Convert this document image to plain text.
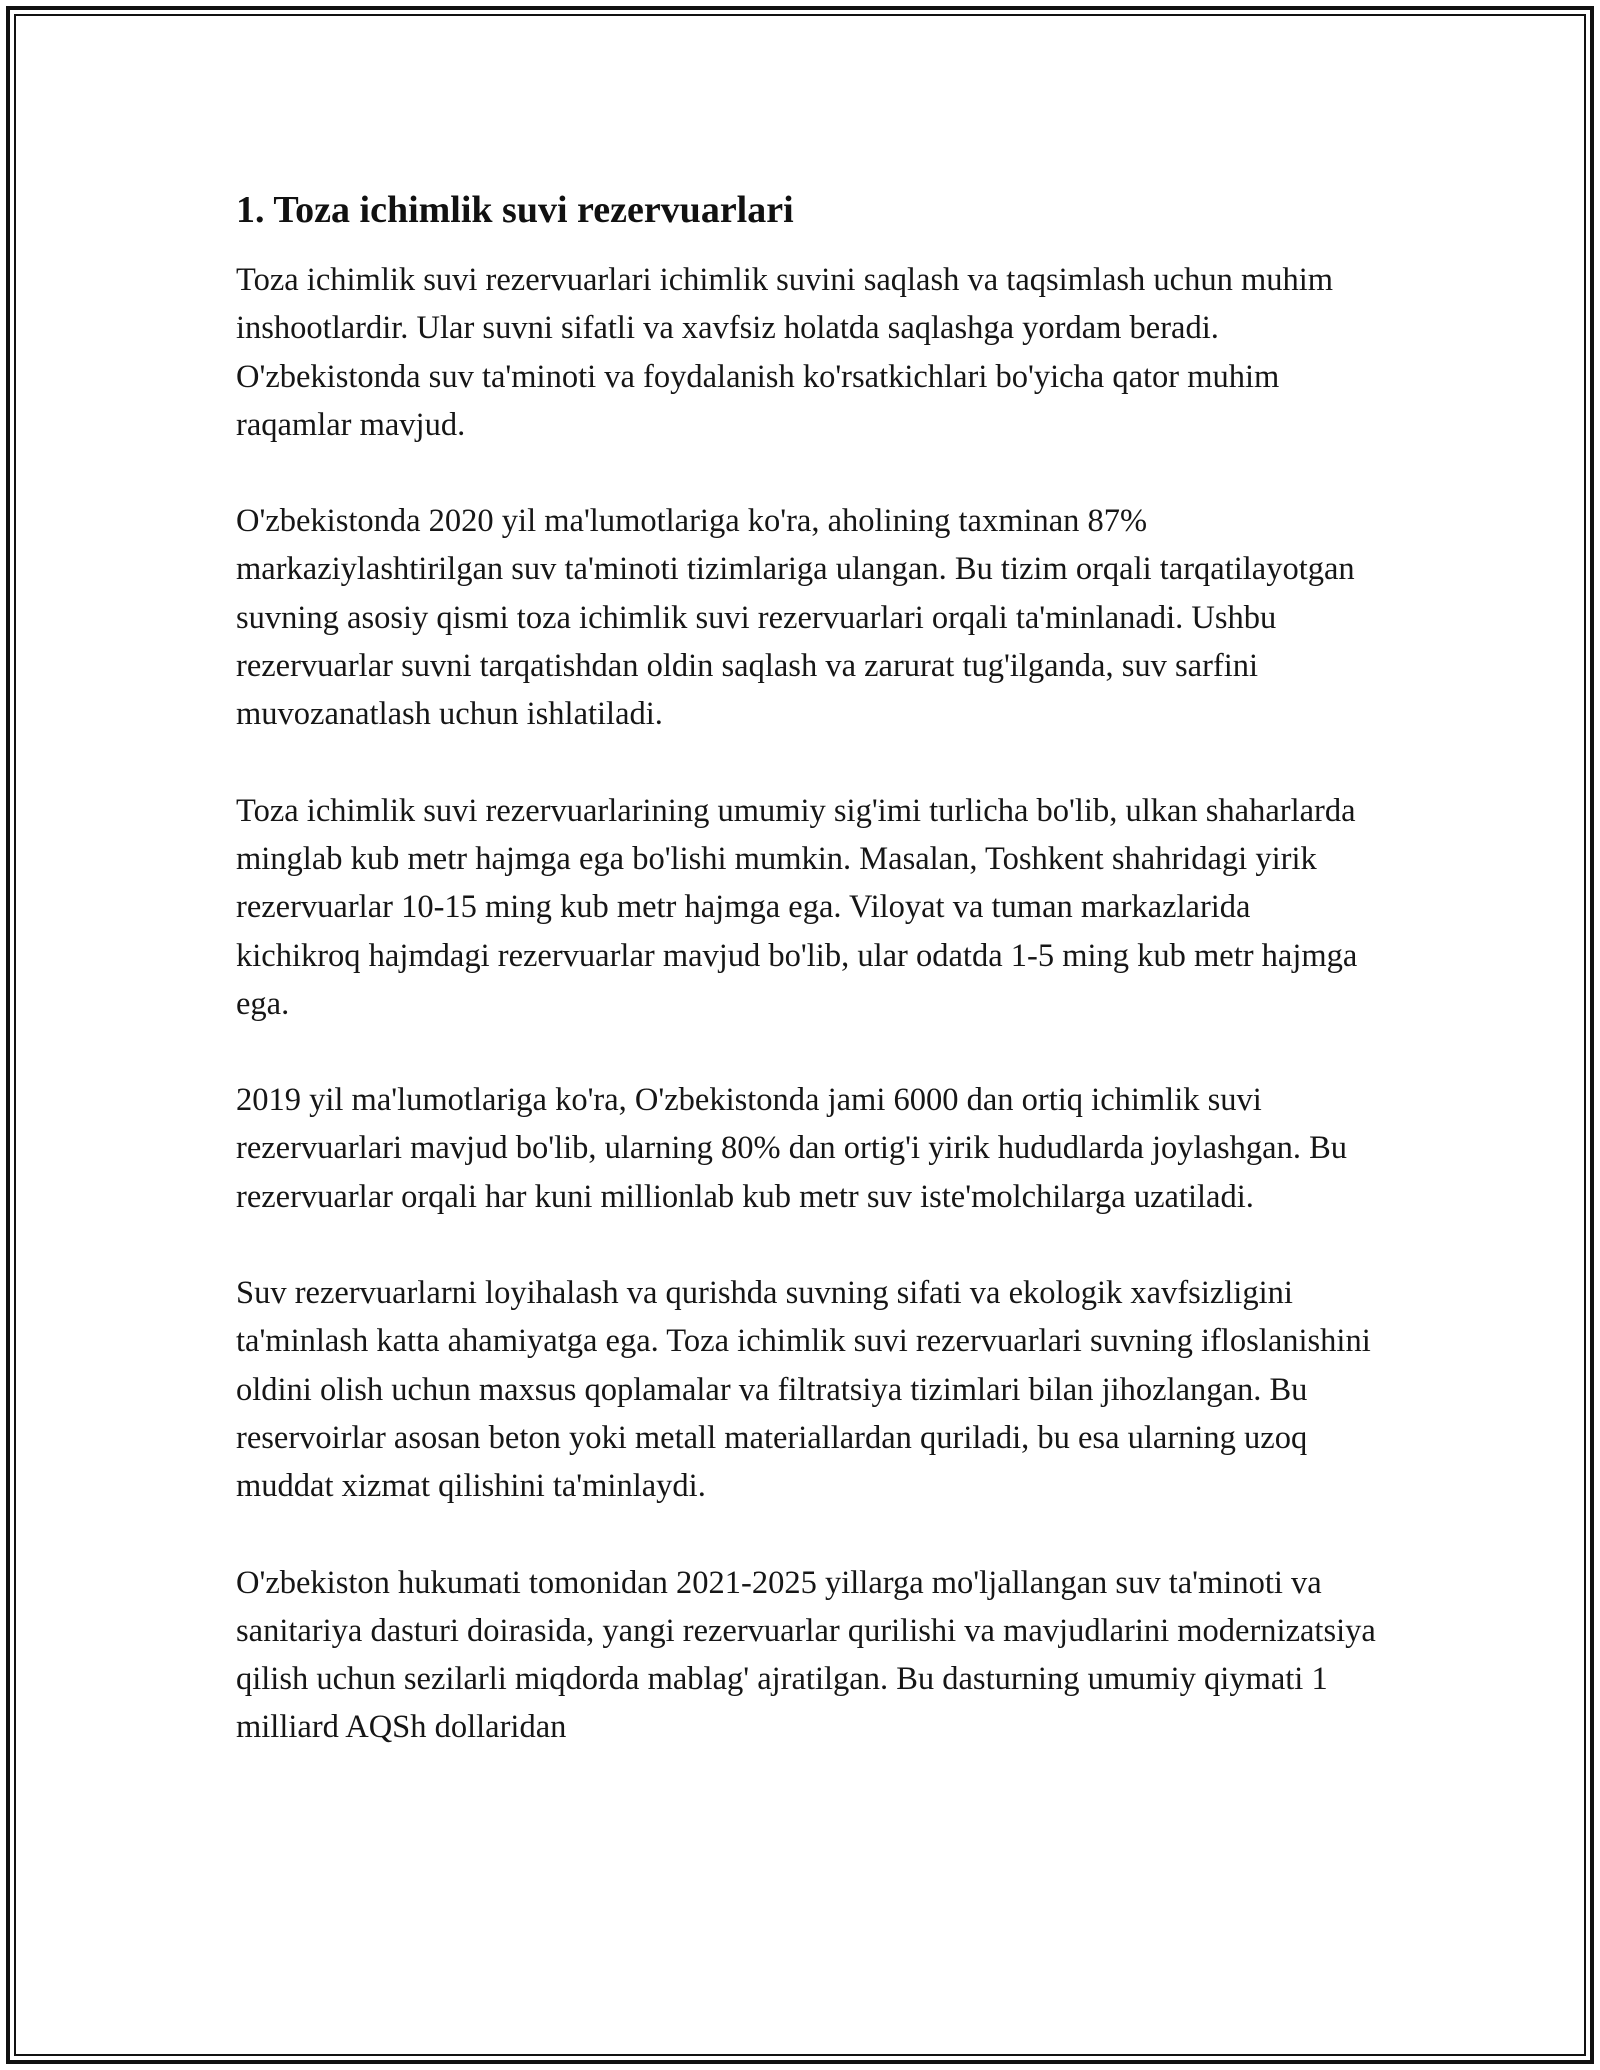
1. Toza ichimlik suvi rezervuarlari

Toza ichimlik suvi rezervuarlari ichimlik suvini saqlash va taqsimlash uchun muhim inshootlardir. Ular suvni sifatli va xavfsiz holatda saqlashga yordam beradi. O'zbekistonda suv ta'minoti va foydalanish ko'rsatkichlari bo'yicha qator muhim raqamlar mavjud.

O'zbekistonda 2020 yil ma'lumotlariga ko'ra, aholining taxminan 87% markaziylashtirilgan suv ta'minoti tizimlariga ulangan. Bu tizim orqali tarqatilayotgan suvning asosiy qismi toza ichimlik suvi rezervuarlari orqali ta'minlanadi. Ushbu rezervuarlar suvni tarqatishdan oldin saqlash va zarurat tug'ilganda, suv sarfini muvozanatlash uchun ishlatiladi.

Toza ichimlik suvi rezervuarlarining umumiy sig'imi turlicha bo'lib, ulkan shaharlarda minglab kub metr hajmga ega bo'lishi mumkin. Masalan, Toshkent shahridagi yirik rezervuarlar 10-15 ming kub metr hajmga ega. Viloyat va tuman markazlarida kichikroq hajmdagi rezervuarlar mavjud bo'lib, ular odatda 1-5 ming kub metr hajmga ega.

2019 yil ma'lumotlariga ko'ra, O'zbekistonda jami 6000 dan ortiq ichimlik suvi rezervuarlari mavjud bo'lib, ularning 80% dan ortig'i yirik hududlarda joylashgan. Bu rezervuarlar orqali har kuni millionlab kub metr suv iste'molchilarga uzatiladi.

Suv rezervuarlarni loyihalash va qurishda suvning sifati va ekologik xavfsizligini ta'minlash katta ahamiyatga ega. Toza ichimlik suvi rezervuarlari suvning ifloslanishini oldini olish uchun maxsus qoplamalar va filtratsiya tizimlari bilan jihozlangan. Bu reservoirlar asosan beton yoki metall materiallardan quriladi, bu esa ularning uzoq muddat xizmat qilishini ta'minlaydi.

O'zbekiston hukumati tomonidan 2021-2025 yillarga mo'ljallangan suv ta'minoti va sanitariya dasturi doirasida, yangi rezervuarlar qurilishi va mavjudlarini modernizatsiya qilish uchun sezilarli miqdorda mablag' ajratilgan. Bu dasturning umumiy qiymati 1 milliard AQSh dollaridan
